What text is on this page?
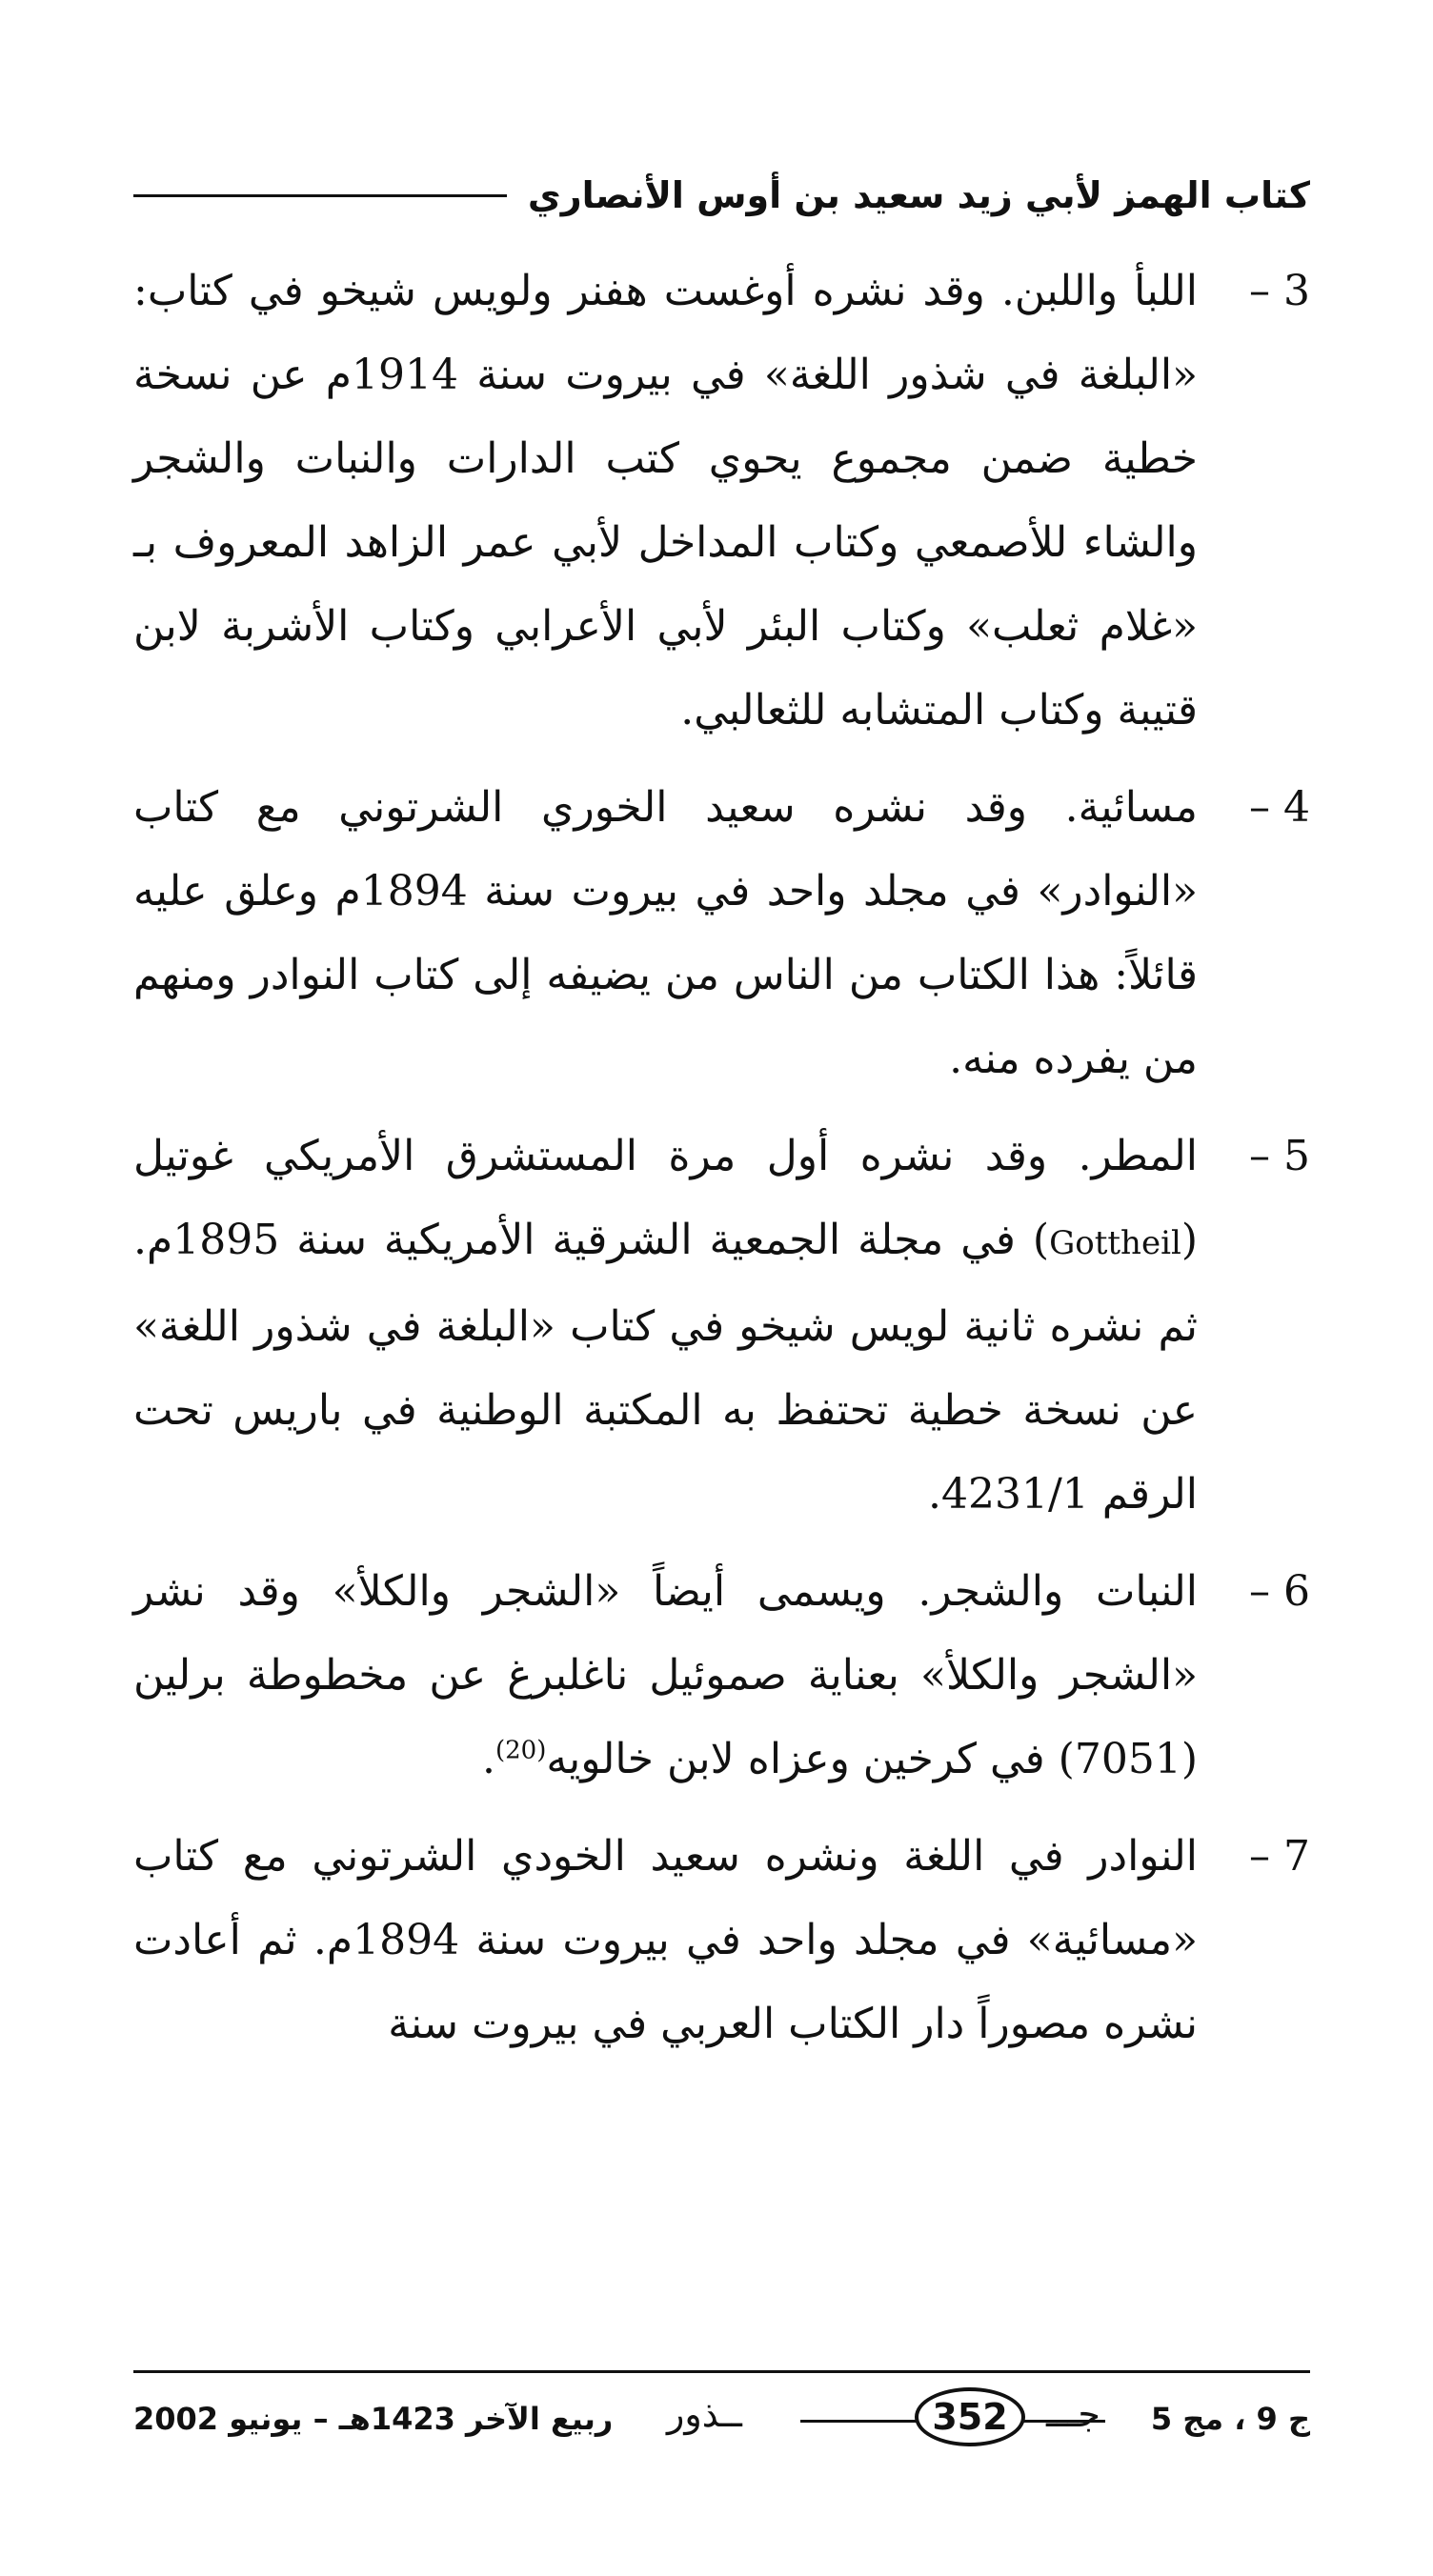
كتاب الهمز لأبي زيد سعيد بن أوس الأنصاري
3 –
اللبأ واللبن. وقد نشره أوغست هفنر ولويس شيخو في كتاب: «البلغة في شذور اللغة» في بيروت سنة 1914م عن نسخة خطية ضمن مجموع يحوي كتب الدارات والنبات والشجر والشاء للأصمعي وكتاب المداخل لأبي عمر الزاهد المعروف بـ «غلام ثعلب» وكتاب البئر لأبي الأعرابي وكتاب الأشربة لابن قتيبة وكتاب المتشابه للثعالبي.
4 –
مسائية. وقد نشره سعيد الخوري الشرتوني مع كتاب «النوادر» في مجلد واحد في بيروت سنة 1894م وعلق عليه قائلاً: هذا الكتاب من الناس من يضيفه إلى كتاب النوادر ومنهم من يفرده منه.
5 –
المطر. وقد نشره أول مرة المستشرق الأمريكي غوتيل (Gottheil) في مجلة الجمعية الشرقية الأمريكية سنة 1895م. ثم نشره ثانية لويس شيخو في كتاب «البلغة في شذور اللغة» عن نسخة خطية تحتفظ به المكتبة الوطنية في باريس تحت الرقم 4231/1.
6 –
النبات والشجر. ويسمى أيضاً «الشجر والكلأ» وقد نشر «الشجر والكلأ» بعناية صموئيل ناغلبرغ عن مخطوطة برلين (7051) في كرخين وعزاه لابن خالويه$^{(20)}$.
7 –
النوادر في اللغة ونشره سعيد الخودي الشرتوني مع كتاب «مسائية» في مجلد واحد في بيروت سنة 1894م. ثم أعادت نشره مصوراً دار الكتاب العربي في بيروت سنة
ربيع الآخر 1423هـ – يونيو 2002 ــذور	352	جـــ ج 9 ، مج 5
